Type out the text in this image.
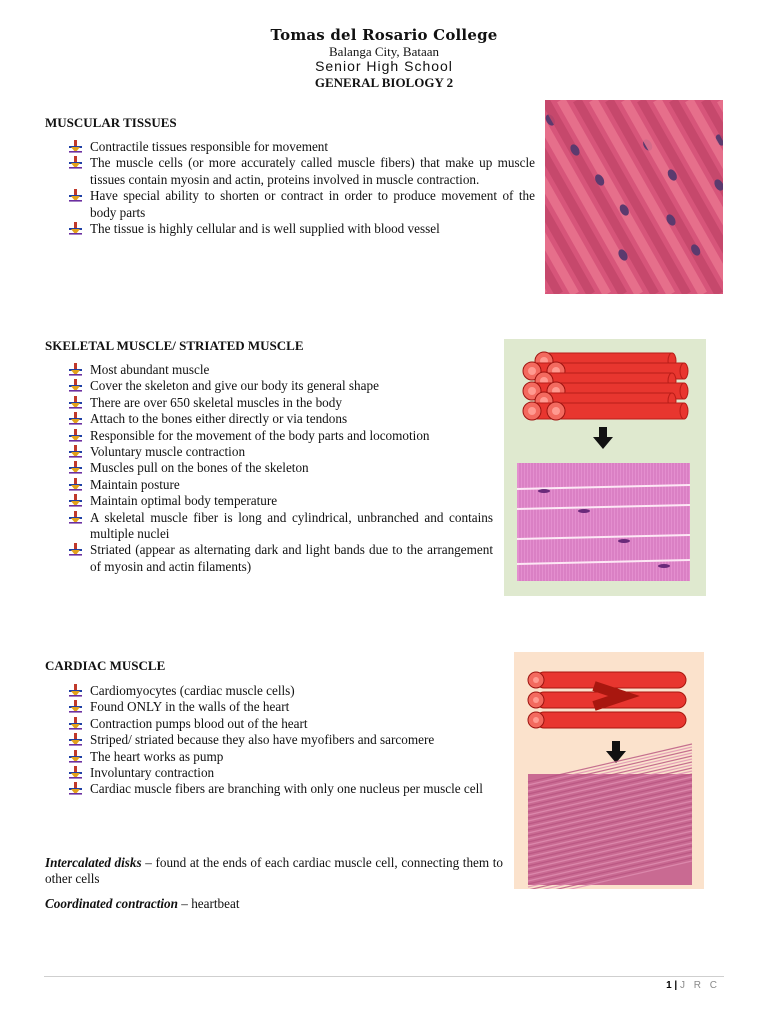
Tomas del Rosario College
Balanga City, Bataan
Senior High School
GENERAL BIOLOGY 2
MUSCULAR TISSUES
Contractile tissues responsible for movement
The muscle cells (or more accurately called muscle fibers) that make up muscle tissues contain myosin and actin, proteins involved in muscle contraction.
Have special ability to shorten or contract in order to produce movement of the body parts
The tissue is highly cellular and is well supplied with blood vessel
SKELETAL MUSCLE/ STRIATED MUSCLE
Most abundant muscle
Cover the skeleton and give our body its general shape
There are over 650 skeletal muscles in the body
Attach to the bones either directly or via tendons
Responsible for the movement of the body parts and locomotion
Voluntary muscle contraction
Muscles pull on the bones of the skeleton
Maintain posture
Maintain optimal body temperature
A skeletal muscle fiber is long and cylindrical, unbranched and contains multiple nuclei
Striated (appear as alternating dark and light bands due to the arrangement of myosin and actin filaments)
CARDIAC MUSCLE
Cardiomyocytes (cardiac muscle cells)
Found ONLY in the walls of the heart
Contraction pumps blood out of the heart
Striped/ striated because they also have myofibers and sarcomere
The heart works as pump
Involuntary contraction
Cardiac muscle fibers are branching with only one nucleus per muscle cell

Intercalated disks – found at the ends of each cardiac muscle cell, connecting them to other cells

Coordinated contraction – heartbeat

1 | J R C
